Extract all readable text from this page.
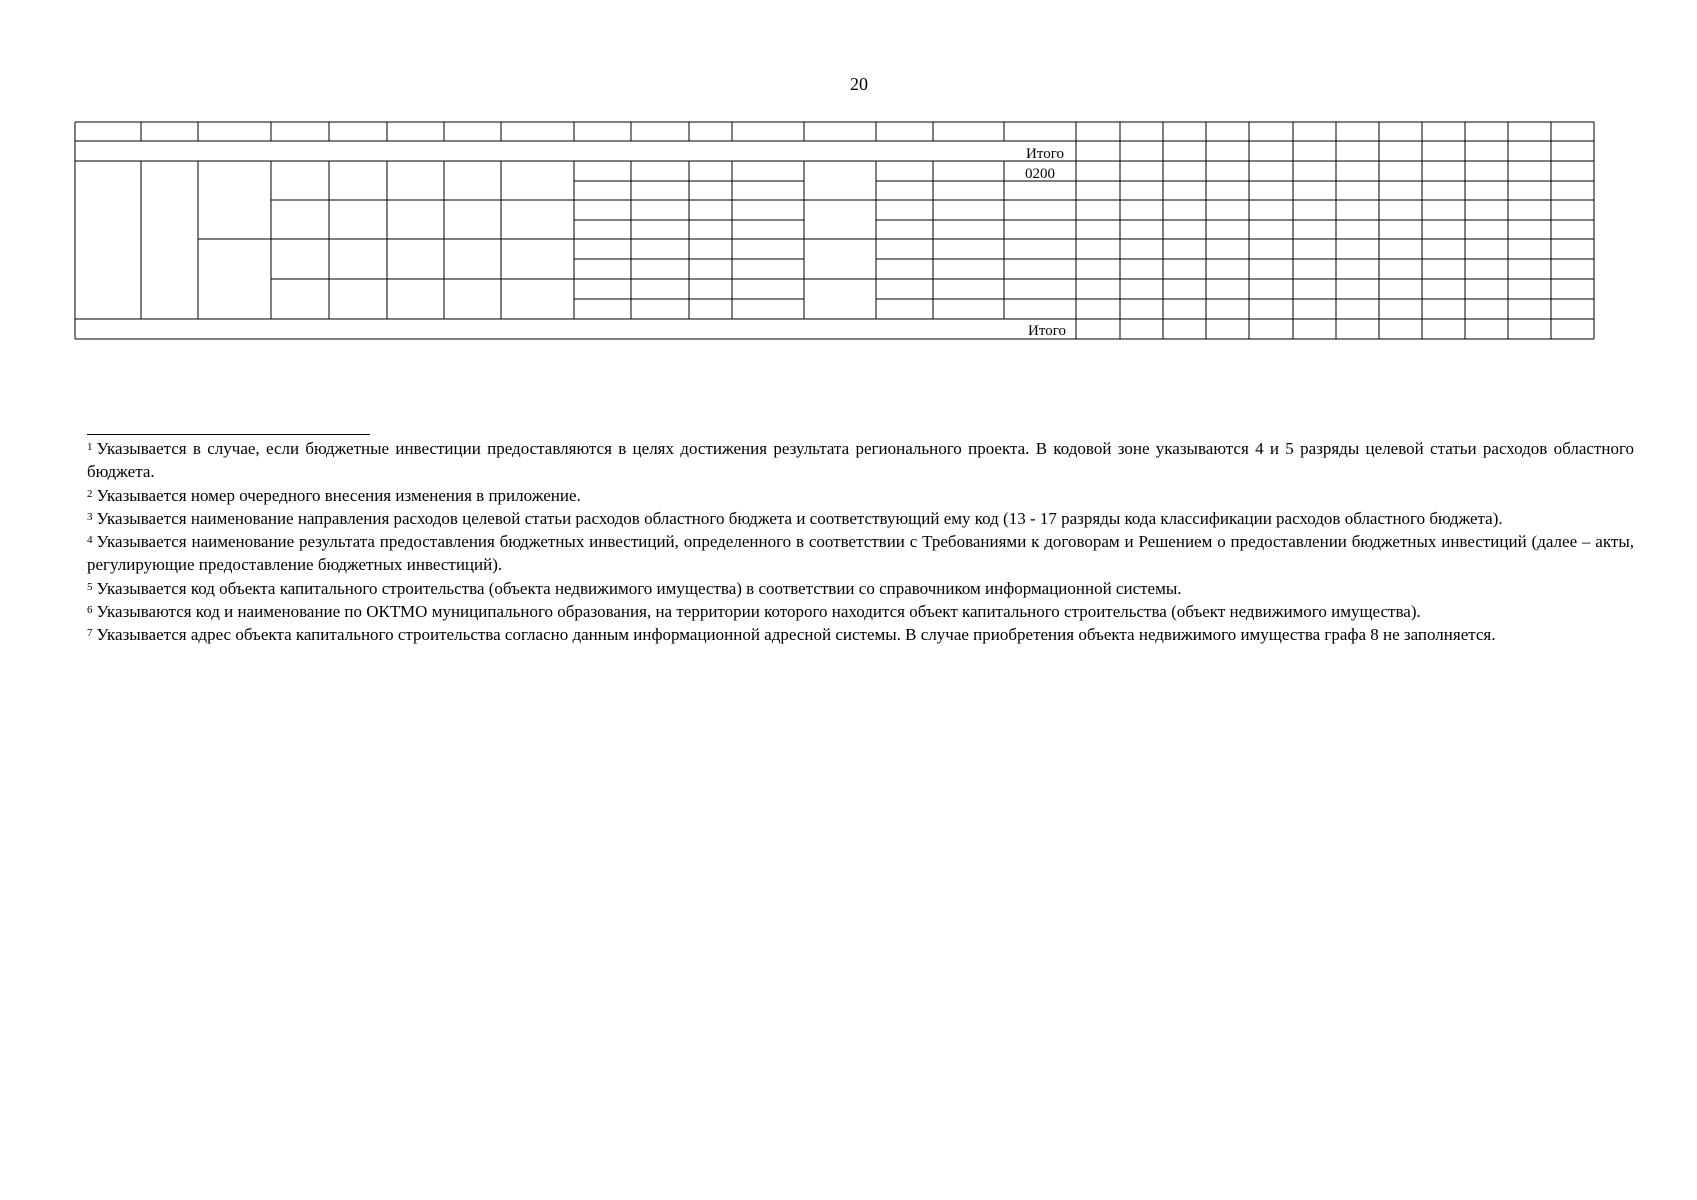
20
Итого
0200
Итого

$^1$ Указывается в случае, если бюджетные инвестиции предоставляются в целях достижения результата регионального проекта. В кодовой зоне указываются 4 и 5 разряды целевой статьи расходов областного бюджета.

$^2$ Указывается номер очередного внесения изменения в приложение.

$^3$ Указывается наименование направления расходов целевой статьи расходов областного бюджета и соответствующий ему код (13 - 17 разряды кода классификации расходов областного бюджета).

$^4$ Указывается наименование результата предоставления бюджетных инвестиций, определенного в соответствии с Требованиями к договорам и Решением о предоставлении бюджетных инвестиций (далее – акты, регулирующие предоставление бюджетных инвестиций).

$^5$ Указывается код объекта капитального строительства (объекта недвижимого имущества) в соответствии со справочником информационной системы.

$^6$ Указываются код и наименование по ОКТМО муниципального образования, на территории которого находится объект капитального строительства (объект недвижимого имущества).

$^7$ Указывается адрес объекта капитального строительства согласно данным информационной адресной системы. В случае приобретения объекта недвижимого имущества графа 8 не заполняется.
